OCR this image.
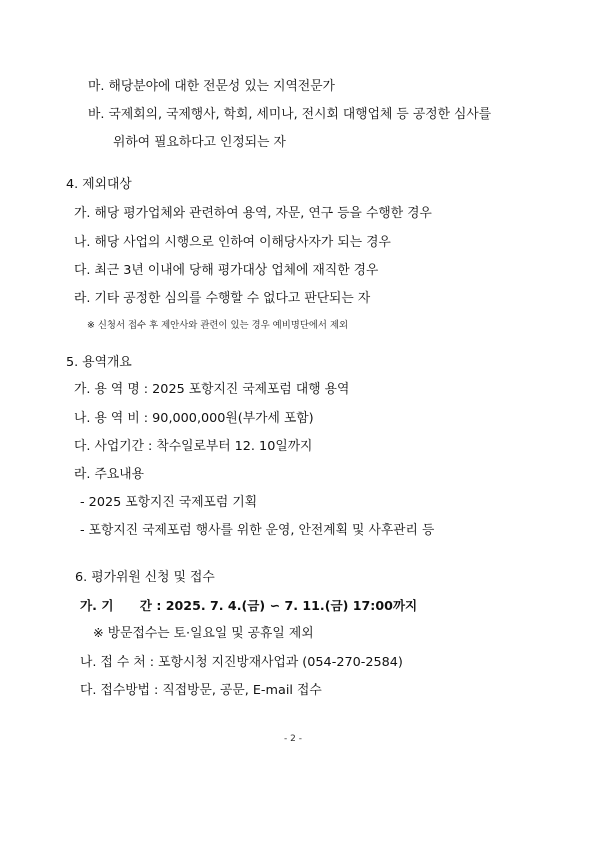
마. 해당분야에 대한 전문성 있는 지역전문가
바. 국제회의, 국제행사, 학회, 세미나, 전시회 대행업체 등 공정한 심사를
위하여 필요하다고 인정되는 자
4. 제외대상
가. 해당 평가업체와 관련하여 용역, 자문, 연구 등을 수행한 경우
나. 해당 사업의 시행으로 인하여 이해당사자가 되는 경우
다. 최근 3년 이내에 당해 평가대상 업체에 재직한 경우
라. 기타 공정한 심의를 수행할 수 없다고 판단되는 자
※ 신청서 접수 후 제안사와 관련이 있는 경우 예비명단에서 제외
5. 용역개요
가. 용 역 명 : 2025 포항지진 국제포럼 대행 용역
나. 용 역 비 : 90,000,000원(부가세 포함)
다. 사업기간 : 착수일로부터 12. 10일까지
라. 주요내용
- 2025 포항지진 국제포럼 기획
- 포항지진 국제포럼 행사를 위한 운영, 안전계획 및 사후관리 등
6. 평가위원 신청 및 접수
가. 기      간 : 2025. 7. 4.(금) ∽ 7. 11.(금) 17:00까지
※ 방문접수는 토·일요일 및 공휴일 제외
나. 접 수 처 : 포항시청 지진방재사업과 (054-270-2584)
다. 접수방법 : 직접방문, 공문, E-mail 접수
- 2 -
